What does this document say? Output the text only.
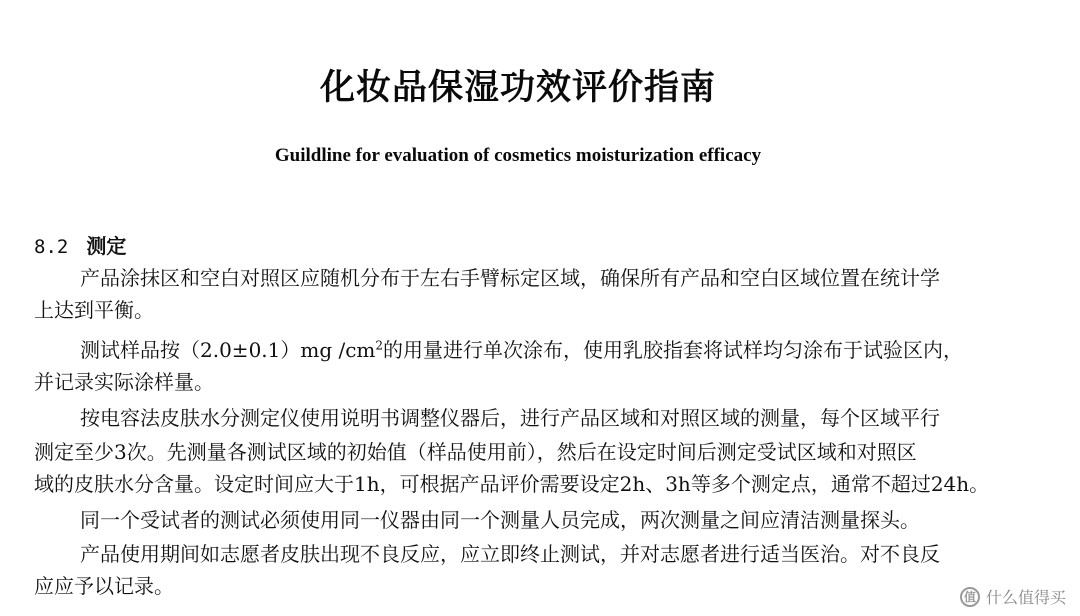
化妆品保湿功效评价指南
Guildline for evaluation of cosmetics moisturization efficacy
8.2 测定
产品涂抹区和空白对照区应随机分布于左右手臂标定区域，确保所有产品和空白区域位置在统计学
上达到平衡。
测试样品按（2.0±0.1）mg $/cm^2$的用量进行单次涂布，使用乳胶指套将试样均匀涂布于试验区内，
并记录实际涂样量。
按电容法皮肤水分测定仪使用说明书调整仪器后，进行产品区域和对照区域的测量，每个区域平行
测定至少3次。先测量各测试区域的初始值（样品使用前），然后在设定时间后测定受试区域和对照区
域的皮肤水分含量。设定时间应大于1h，可根据产品评价需要设定2h、3h等多个测定点，通常不超过24h。
同一个受试者的测试必须使用同一仪器由同一个测量人员完成，两次测量之间应清洁测量探头。
产品使用期间如志愿者皮肤出现不良反应，应立即终止测试，并对志愿者进行适当医治。对不良反
应应予以记录。	值 什么值得买
